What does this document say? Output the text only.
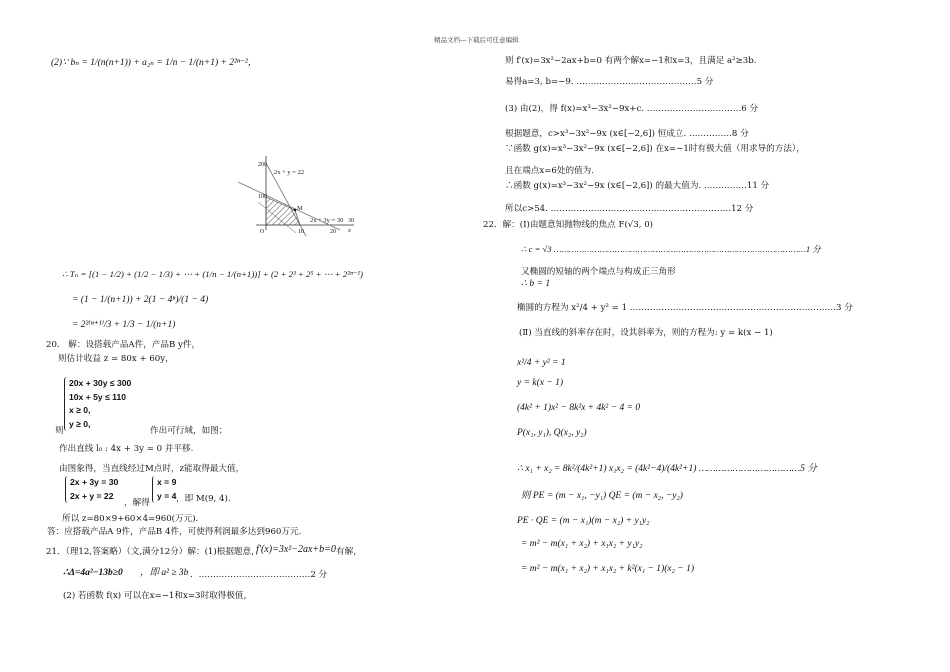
精品文档---下载后可任意编辑
(2)∵ bₙ = 1/(n(n+1)) + a₂ₙ = 1/n − 1/(n+1) + 2²ⁿ⁻²，
200
100
O	10	20
30
x
2x + y = 22
2x + 3y = 30
M
∴ Tₙ = [(1 − 1/2) + (1/2 − 1/3) + ⋯ + (1/n − 1/(n+1))] + (2 + 2³ + 2⁵ + ⋯ + 2²ⁿ⁻¹)
= (1 − 1/(n+1)) + 2(1 − 4ⁿ)/(1 − 4)
= 2²⁽ⁿ⁺¹⁾/3 + 1/3 − 1/(n+1)
20． 解：设搭载产品A件，产品B y件，
则估计收益 z = 80x + 60y，
20x + 30y ≤ 300
10x + 5y ≤ 110
x ≥ 0,
y ≥ 0,
则	作出可行域，如图；
作出直线 l₀ : 4x + 3y = 0 并平移.
由图象得，当直线经过M点时，z能取得最大值，
2x + 3y = 30
2x + y = 22
，解得
x = 9
y = 4 ，即 M(9, 4).
所以 z=80×9+60×4=960(万元).
答：应搭载产品A 9件，产品B 4件，可使得利润最多达到960万元.
21．（理12,答案略）（文,满分12分）解：(1)根据题意，
f′(x)=3x²−2ax+b=0 有解，
∴Δ=4a²−13b≥0 ，即 a² ≥ 3b ．…………………………………2 分
(2) 若函数 f(x) 可以在x=−1和x=3时取得极值，
则 f′(x)=3x²−2ax+b=0 有两个解x=−1和x=3，且满足 a²≥3b.
易得a=3, b=−9. ……………………………………5 分
(3) 由(2)，得 f(x)=x³−3x²−9x+c. ……………………………6 分
根据题意，c>x³−3x²−9x (x∈[−2,6]) 恒成立. ……………8 分
∵函数 g(x)=x³−3x²−9x (x∈[−2,6]) 在x=−1时有极大值（用求导的方法），
且在端点x=6处的值为.
∴函数 g(x)=x³−3x²−9x (x∈[−2,6]) 的最大值为. ……………11 分
所以c>54. ………………………………………………………12 分
22．解：(Ⅰ)由题意知抛物线的焦点 F(√3, 0)
∴ c = √3 ………………………………………………………………………………………1 分
又椭圆的短轴的两个端点与构成正三角形
∴ b = 1
椭圆的方程为 x²/4 + y² = 1 ………………………………………………………………3 分
(Ⅱ) 当直线的斜率存在时，设其斜率为，则的方程为: y = k(x − 1)
x²/4 + y² = 1
y = k(x − 1)
(4k² + 1)x² − 8k²x + 4k² − 4 = 0
P(x₁, y₁), Q(x₂, y₂)
∴ x₁ + x₂ = 8k²/(4k²+1) x₁x₂ = (4k²−4)/(4k²+1) ………………………………5 分
则 PE = (m − x₁, −y₁) QE = (m − x₂, −y₂)
PE · QE = (m − x₁)(m − x₂) + y₁y₂
= m² − m(x₁ + x₂) + x₁x₂ + y₁y₂
= m² − m(x₁ + x₂) + x₁x₂ + k²(x₁ − 1)(x₂ − 1)
